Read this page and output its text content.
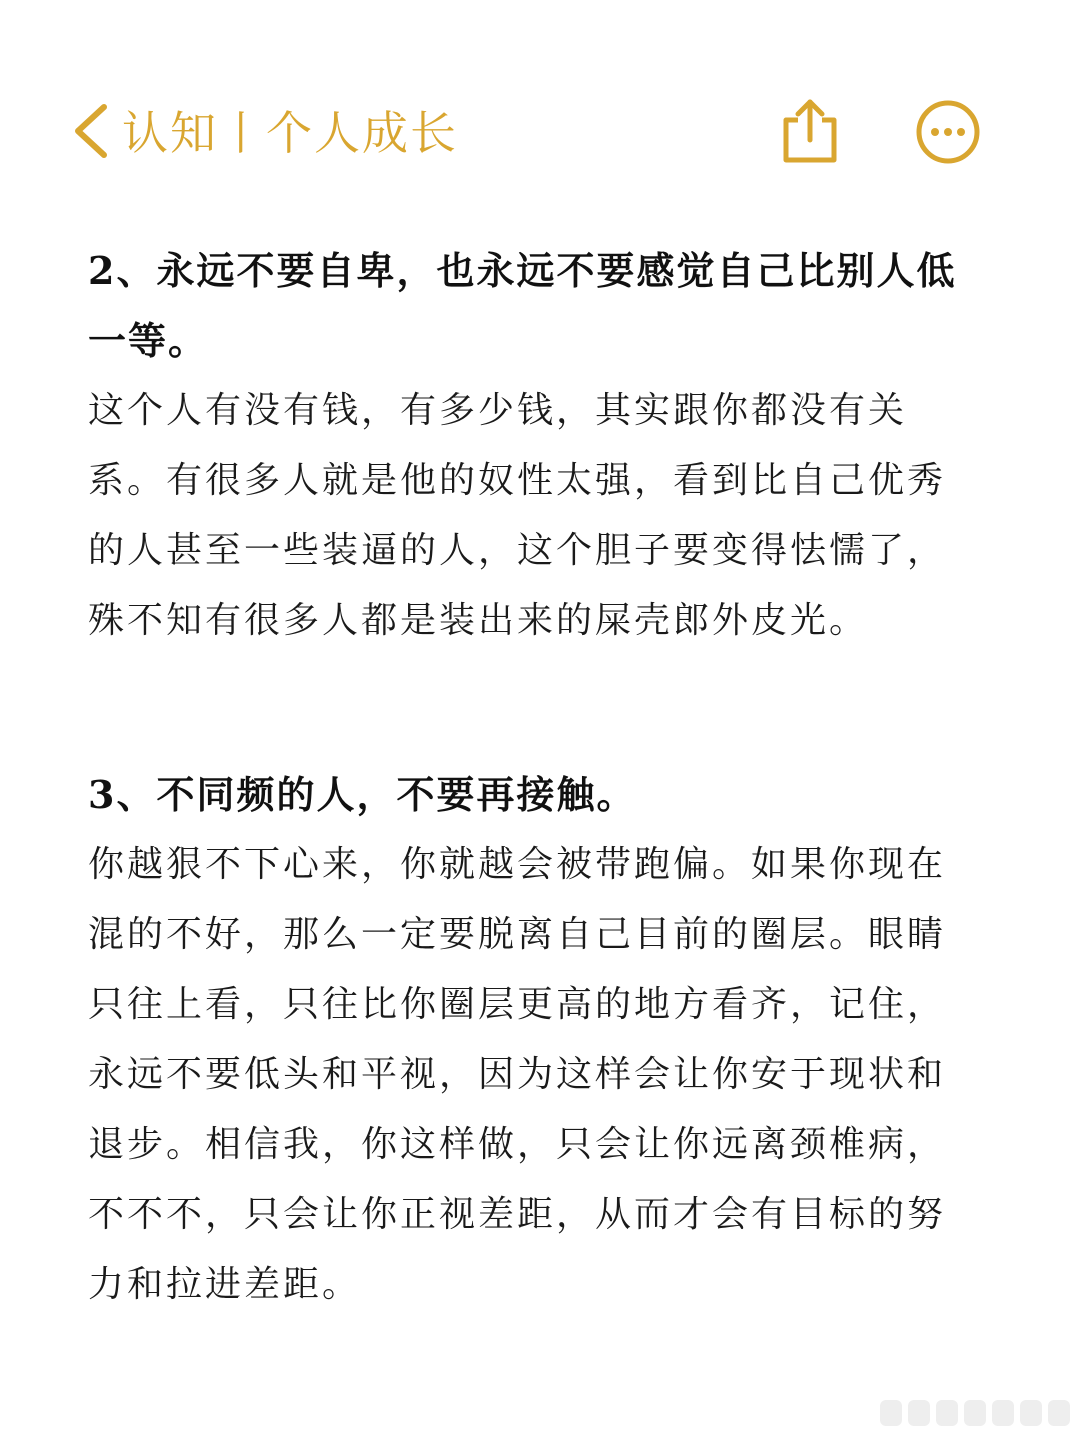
认知丨个人成长

2、永远不要自卑，也永远不要感觉自己比别人低一等。

这个人有没有钱，有多少钱，其实跟你都没有关系。有很多人就是他的奴性太强，看到比自己优秀的人甚至一些装逼的人，这个胆子要变得怯懦了，殊不知有很多人都是装出来的屎壳郎外皮光。

3、不同频的人，不要再接触。

你越狠不下心来，你就越会被带跑偏。如果你现在混的不好，那么一定要脱离自己目前的圈层。眼睛只往上看，只往比你圈层更高的地方看齐，记住，永远不要低头和平视，因为这样会让你安于现状和退步。相信我，你这样做，只会让你远离颈椎病，不不不，只会让你正视差距，从而才会有目标的努力和拉进差距。
